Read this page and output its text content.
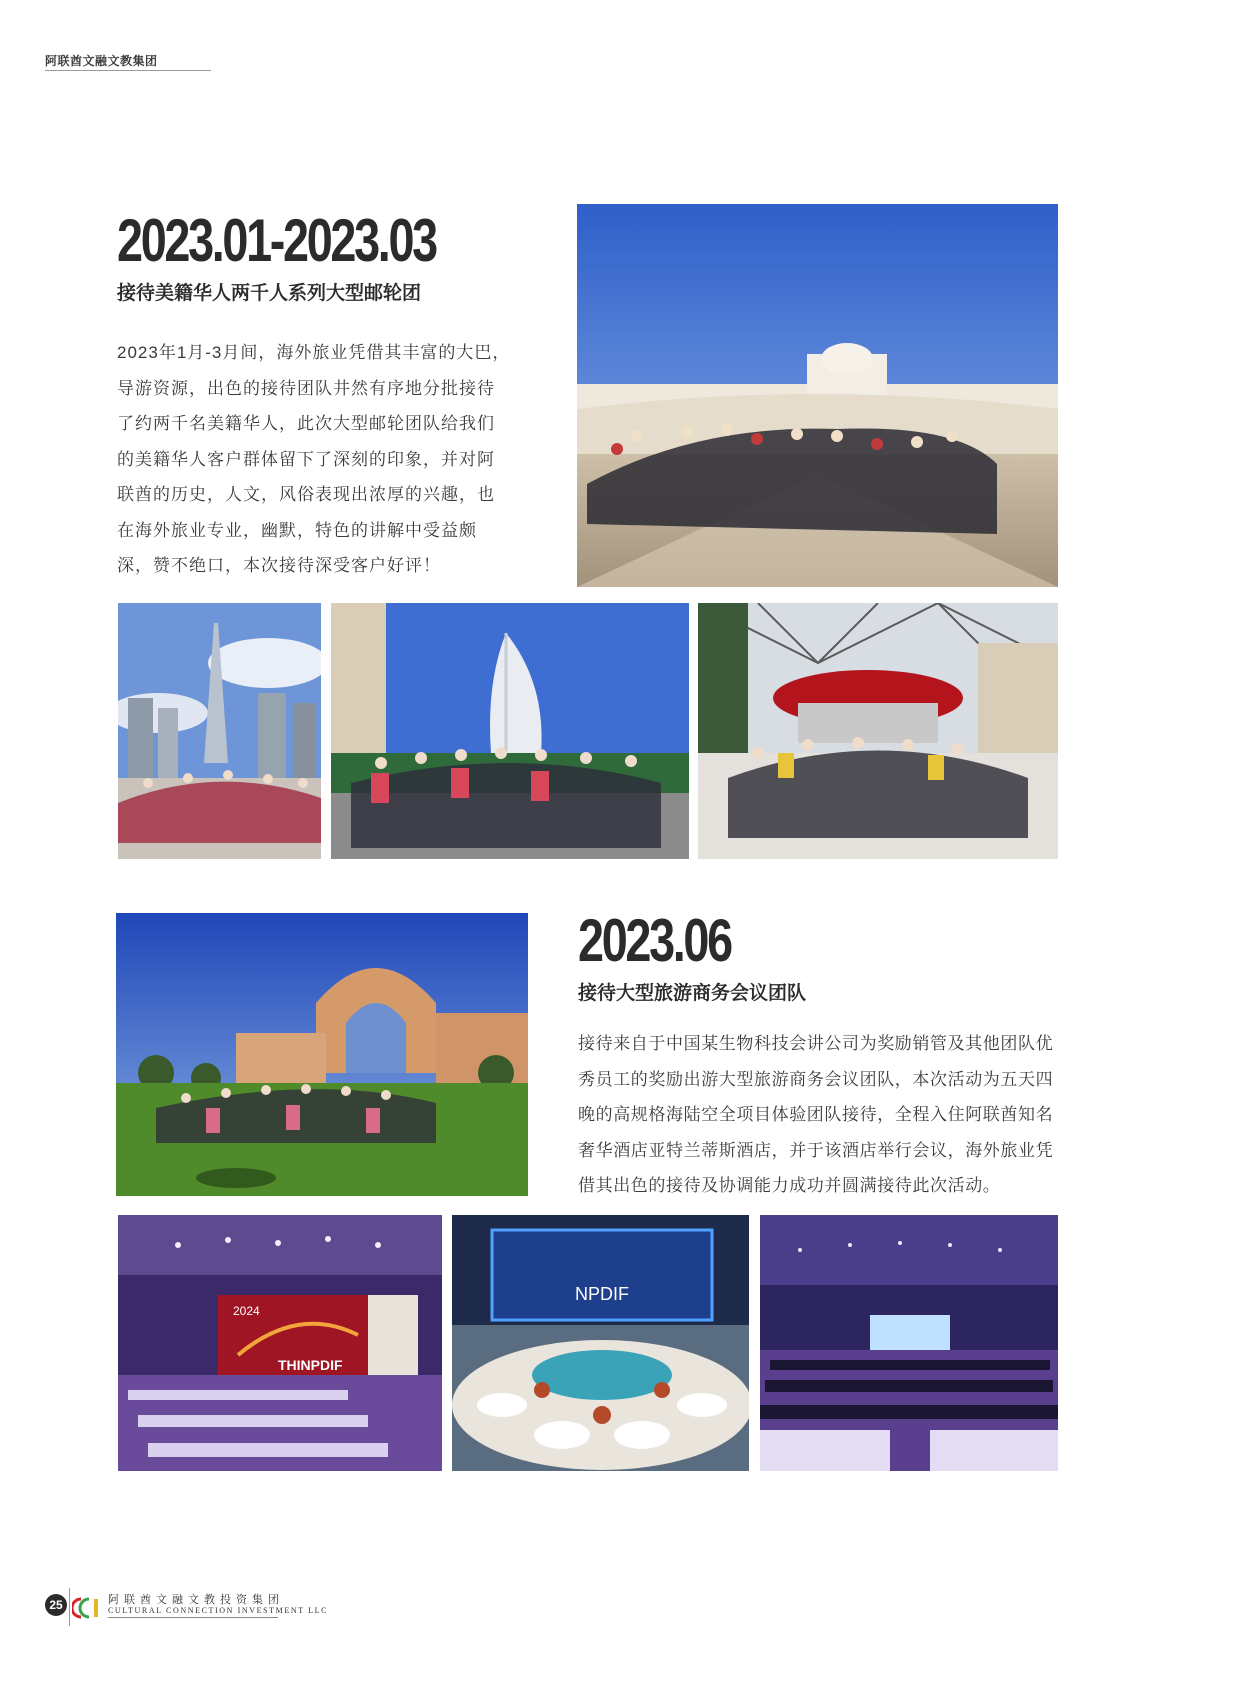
阿联酋文融文教集团
2023.01-2023.03
接待美籍华人两千人系列大型邮轮团
2023年1月-3月间，海外旅业凭借其丰富的大巴，
导游资源，出色的接待团队井然有序地分批接待
了约两千名美籍华人，此次大型邮轮团队给我们
的美籍华人客户群体留下了深刻的印象，并对阿
联酋的历史，人文，风俗表现出浓厚的兴趣，也
在海外旅业专业，幽默，特色的讲解中受益颇
深，赞不绝口，本次接待深受客户好评！
2023.06
接待大型旅游商务会议团队
接待来自于中国某生物科技会讲公司为奖励销管及其他团队优
秀员工的奖励出游大型旅游商务会议团队，本次活动为五天四
晚的高规格海陆空全项目体验团队接待，全程入住阿联酋知名
奢华酒店亚特兰蒂斯酒店，并于该酒店举行会议，海外旅业凭
借其出色的接待及协调能力成功并圆满接待此次活动。
2024
THINPDIF
NPDIF
25	阿联酋文融文教投资集团
CULTURAL CONNECTION INVESTMENT LLC
